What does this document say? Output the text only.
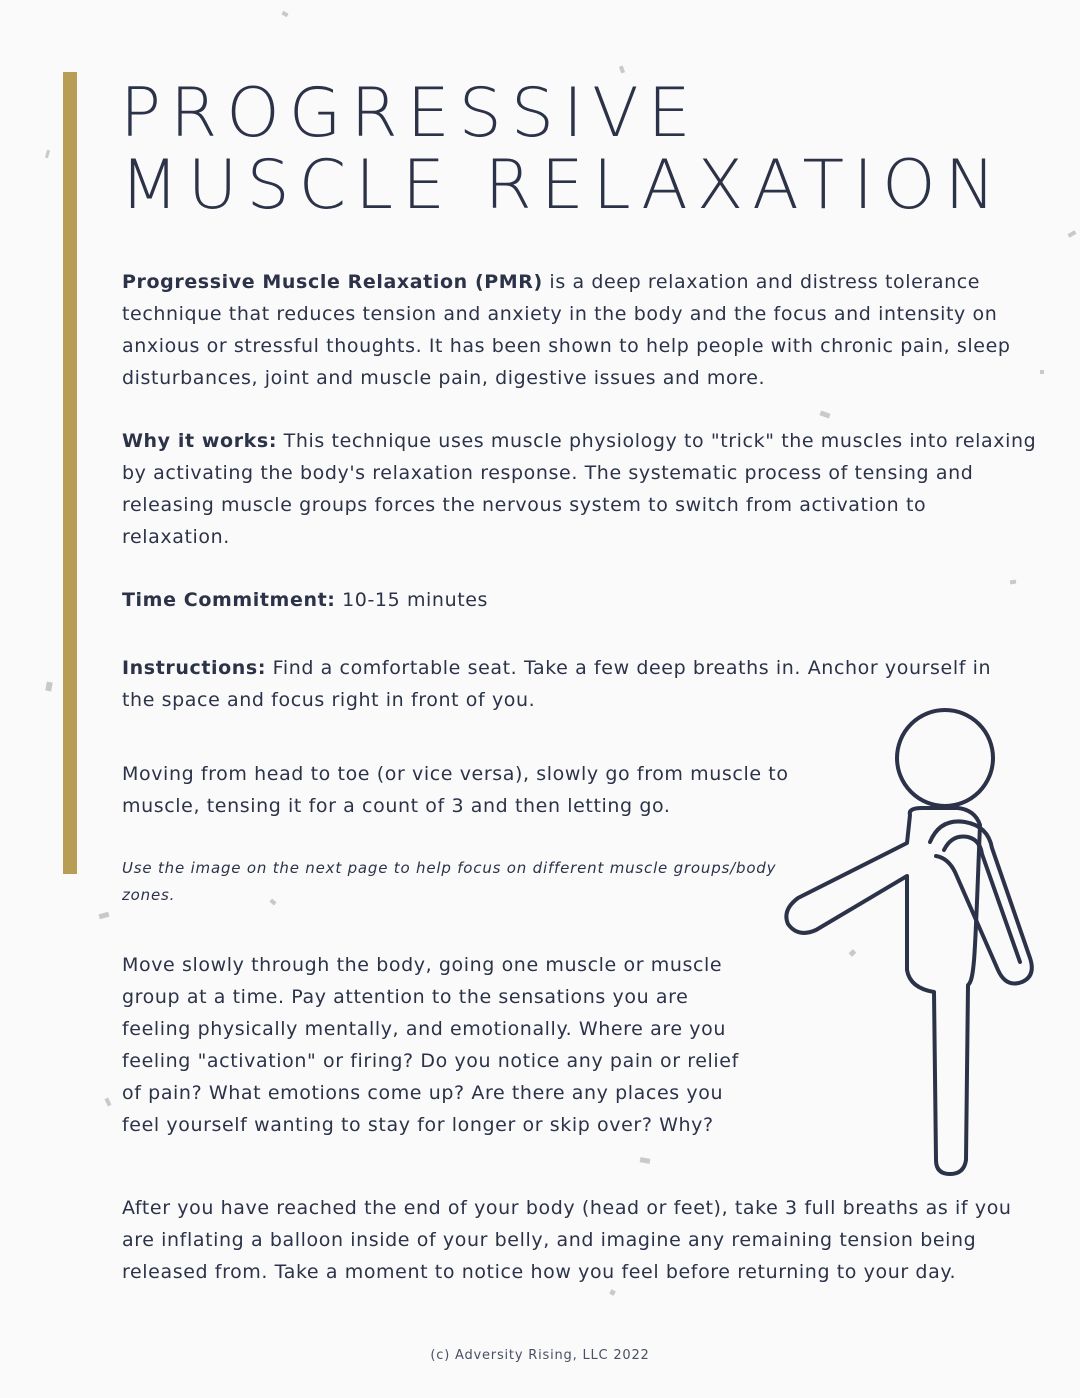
PROGRESSIVE
MUSCLE RELAXATION

Progressive Muscle Relaxation (PMR) is a deep relaxation and distress tolerance technique that reduces tension and anxiety in the body and the focus and intensity on anxious or stressful thoughts. It has been shown to help people with chronic pain, sleep disturbances, joint and muscle pain, digestive issues and more.

Why it works: This technique uses muscle physiology to "trick" the muscles into relaxing by activating the body's relaxation response. The systematic process of tensing and releasing muscle groups forces the nervous system to switch from activation to relaxation.

Time Commitment: 10-15 minutes

Instructions: Find a comfortable seat. Take a few deep breaths in. Anchor yourself in the space and focus right in front of you.

Moving from head to toe (or vice versa), slowly go from muscle to muscle, tensing it for a count of 3 and then letting go.

Use the image on the next page to help focus on different muscle groups/body zones.

Move slowly through the body, going one muscle or muscle group at a time. Pay attention to the sensations you are feeling physically mentally, and emotionally. Where are you feeling "activation" or firing? Do you notice any pain or relief of pain? What emotions come up? Are there any places you feel yourself wanting to stay for longer or skip over? Why?

After you have reached the end of your body (head or feet), take 3 full breaths as if you are inflating a balloon inside of your belly, and imagine any remaining tension being released from. Take a moment to notice how you feel before returning to your day.

(c) Adversity Rising, LLC 2022
